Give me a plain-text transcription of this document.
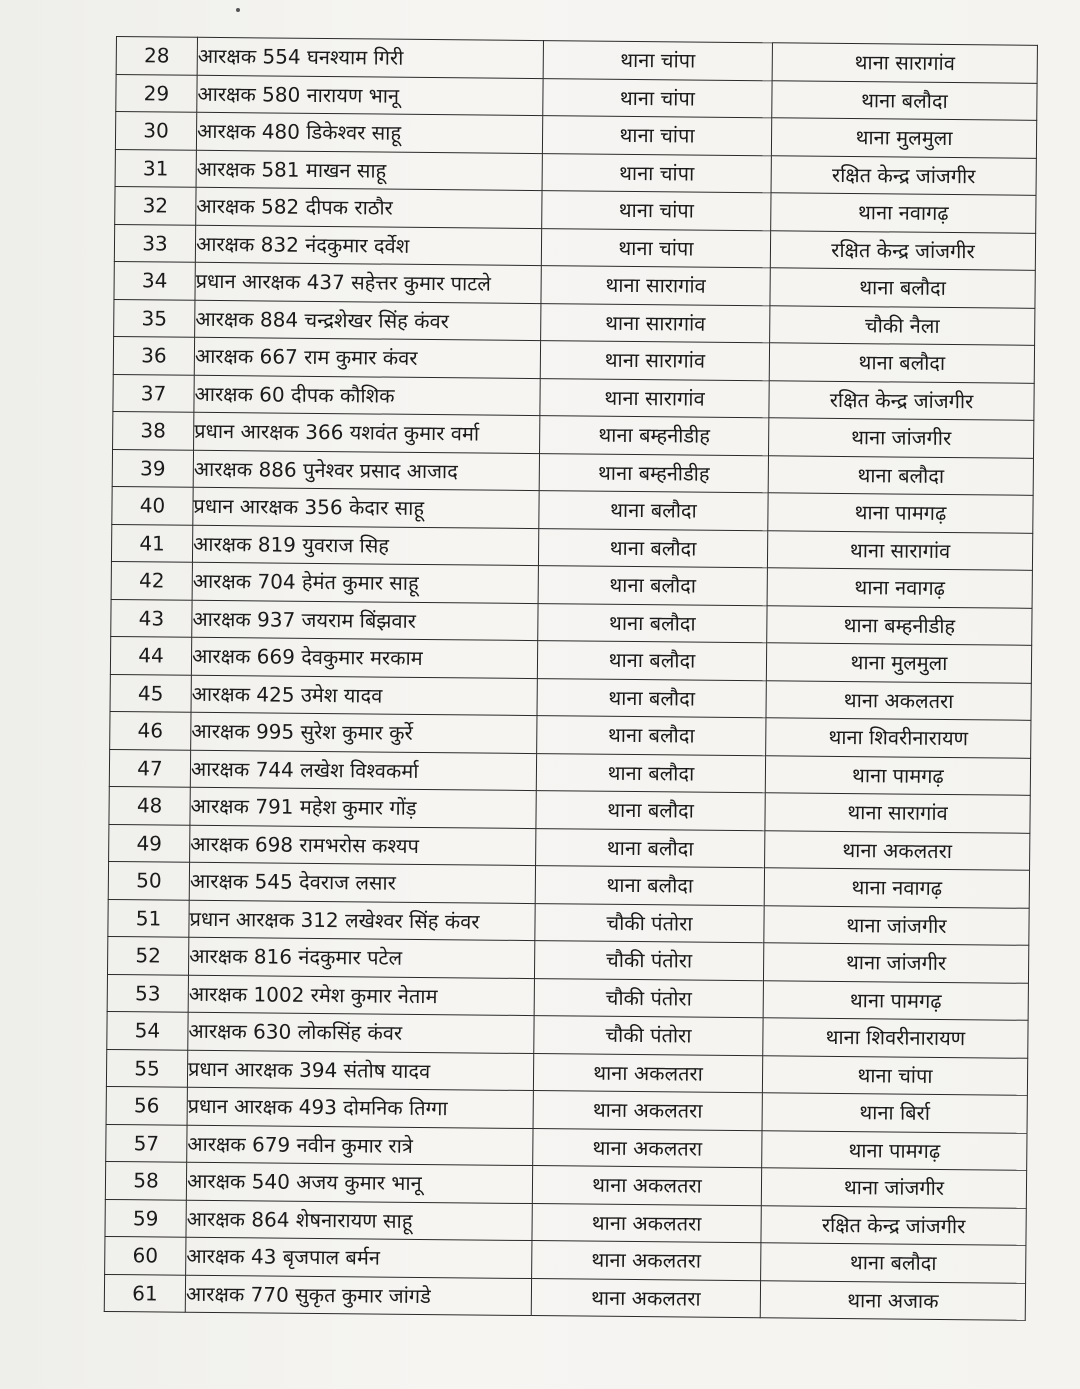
28	आरक्षक 554 घनश्याम गिरी	थाना चांपा	थाना सारागांव
29	आरक्षक 580 नारायण भानू	थाना चांपा	थाना बलौदा
30	आरक्षक 480 डिकेश्वर साहू	थाना चांपा	थाना मुलमुला
31	आरक्षक 581 माखन साहू	थाना चांपा	रक्षित केन्द्र जांजगीर
32	आरक्षक 582 दीपक राठौर	थाना चांपा	थाना नवागढ़
33	आरक्षक 832 नंदकुमार दर्वेश	थाना चांपा	रक्षित केन्द्र जांजगीर
34	प्रधान आरक्षक 437 सहेत्तर कुमार पाटले	थाना सारागांव	थाना बलौदा
35	आरक्षक 884 चन्द्रशेखर सिंह कंवर	थाना सारागांव	चौकी नैला
36	आरक्षक 667 राम कुमार कंवर	थाना सारागांव	थाना बलौदा
37	आरक्षक 60 दीपक कौशिक	थाना सारागांव	रक्षित केन्द्र जांजगीर
38	प्रधान आरक्षक 366 यशवंत कुमार वर्मा	थाना बम्हनीडीह	थाना जांजगीर
39	आरक्षक 886 पुनेश्वर प्रसाद आजाद	थाना बम्हनीडीह	थाना बलौदा
40	प्रधान आरक्षक 356 केदार साहू	थाना बलौदा	थाना पामगढ़
41	आरक्षक 819 युवराज सिह	थाना बलौदा	थाना सारागांव
42	आरक्षक 704 हेमंत कुमार साहू	थाना बलौदा	थाना नवागढ़
43	आरक्षक 937 जयराम बिंझवार	थाना बलौदा	थाना बम्हनीडीह
44	आरक्षक 669 देवकुमार मरकाम	थाना बलौदा	थाना मुलमुला
45	आरक्षक 425 उमेश यादव	थाना बलौदा	थाना अकलतरा
46	आरक्षक 995 सुरेश कुमार कुर्रे	थाना बलौदा	थाना शिवरीनारायण
47	आरक्षक 744 लखेश विश्वकर्मा	थाना बलौदा	थाना पामगढ़
48	आरक्षक 791 महेश कुमार गोंड़	थाना बलौदा	थाना सारागांव
49	आरक्षक 698 रामभरोस कश्यप	थाना बलौदा	थाना अकलतरा
50	आरक्षक 545 देवराज लसार	थाना बलौदा	थाना नवागढ़
51	प्रधान आरक्षक 312 लखेश्वर सिंह कंवर	चौकी पंतोरा	थाना जांजगीर
52	आरक्षक 816 नंदकुमार पटेल	चौकी पंतोरा	थाना जांजगीर
53	आरक्षक 1002 रमेश कुमार नेताम	चौकी पंतोरा	थाना पामगढ़
54	आरक्षक 630 लोकसिंह कंवर	चौकी पंतोरा	थाना शिवरीनारायण
55	प्रधान आरक्षक 394 संतोष यादव	थाना अकलतरा	थाना चांपा
56	प्रधान आरक्षक 493 दोमनिक तिग्गा	थाना अकलतरा	थाना बिर्रा
57	आरक्षक 679 नवीन कुमार रात्रे	थाना अकलतरा	थाना पामगढ़
58	आरक्षक 540 अजय कुमार भानू	थाना अकलतरा	थाना जांजगीर
59	आरक्षक 864 शेषनारायण साहू	थाना अकलतरा	रक्षित केन्द्र जांजगीर
60	आरक्षक 43 बृजपाल बर्मन	थाना अकलतरा	थाना बलौदा
61	आरक्षक 770 सुकृत कुमार जांगडे	थाना अकलतरा	थाना अजाक
